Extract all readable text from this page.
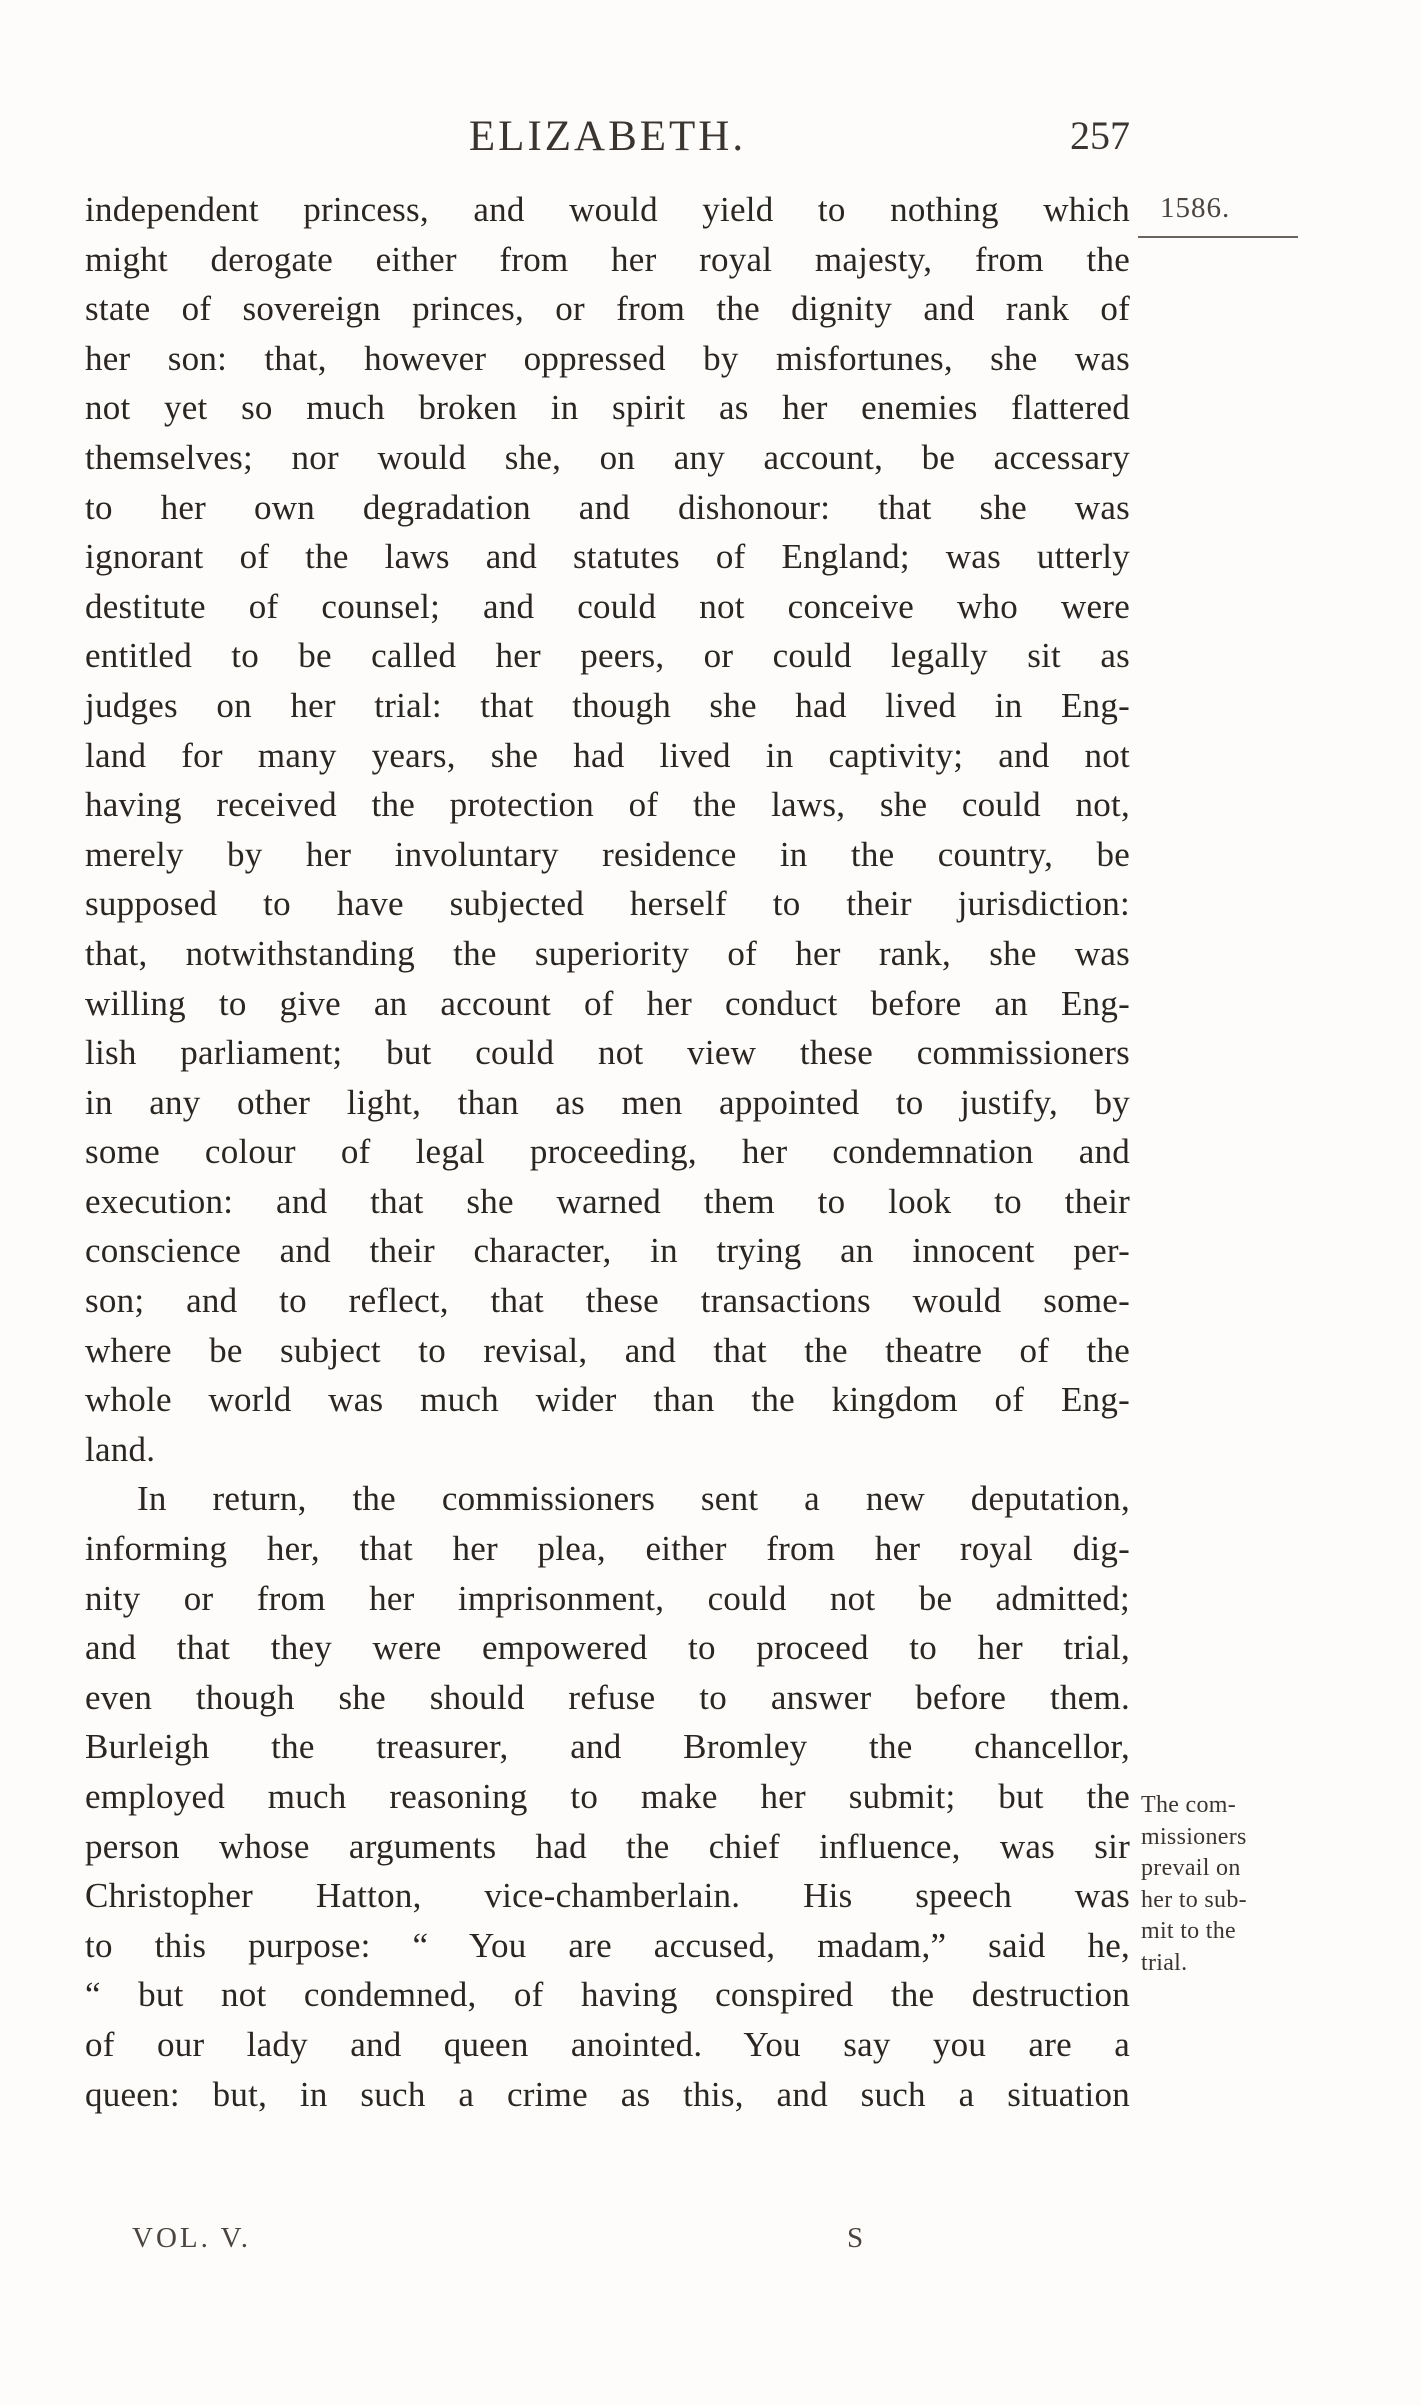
ELIZABETH.	257
1586.
independent princess, and would yield to nothing which
might derogate either from her royal majesty, from the
state of sovereign princes, or from the dignity and rank of
her son: that, however oppressed by misfortunes, she was
not yet so much broken in spirit as her enemies flattered
themselves; nor would she, on any account, be accessary
to her own degradation and dishonour: that she was
ignorant of the laws and statutes of England; was utterly
destitute of counsel; and could not conceive who were
entitled to be called her peers, or could legally sit as
judges on her trial: that though she had lived in Eng-
land for many years, she had lived in captivity; and not
having received the protection of the laws, she could not,
merely by her involuntary residence in the country, be
supposed to have subjected herself to their jurisdiction:
that, notwithstanding the superiority of her rank, she was
willing to give an account of her conduct before an Eng-
lish parliament; but could not view these commissioners
in any other light, than as men appointed to justify, by
some colour of legal proceeding, her condemnation and
execution: and that she warned them to look to their
conscience and their character, in trying an innocent per-
son; and to reflect, that these transactions would some-
where be subject to revisal, and that the theatre of the
whole world was much wider than the kingdom of Eng-
land.
In return, the commissioners sent a new deputation,
informing her, that her plea, either from her royal dig-
nity or from her imprisonment, could not be admitted;
and that they were empowered to proceed to her trial,
even though she should refuse to answer before them.
Burleigh the treasurer, and Bromley the chancellor,
employed much reasoning to make her submit; but the
person whose arguments had the chief influence, was sir
Christopher Hatton, vice-chamberlain. His speech was
to this purpose: “ You are accused, madam,” said he,
“ but not condemned, of having conspired the destruction
of our lady and queen anointed. You say you are a
queen: but, in such a crime as this, and such a situation
The com-
missioners
prevail on
her to sub-
mit to the
trial.
VOL. V.	S
